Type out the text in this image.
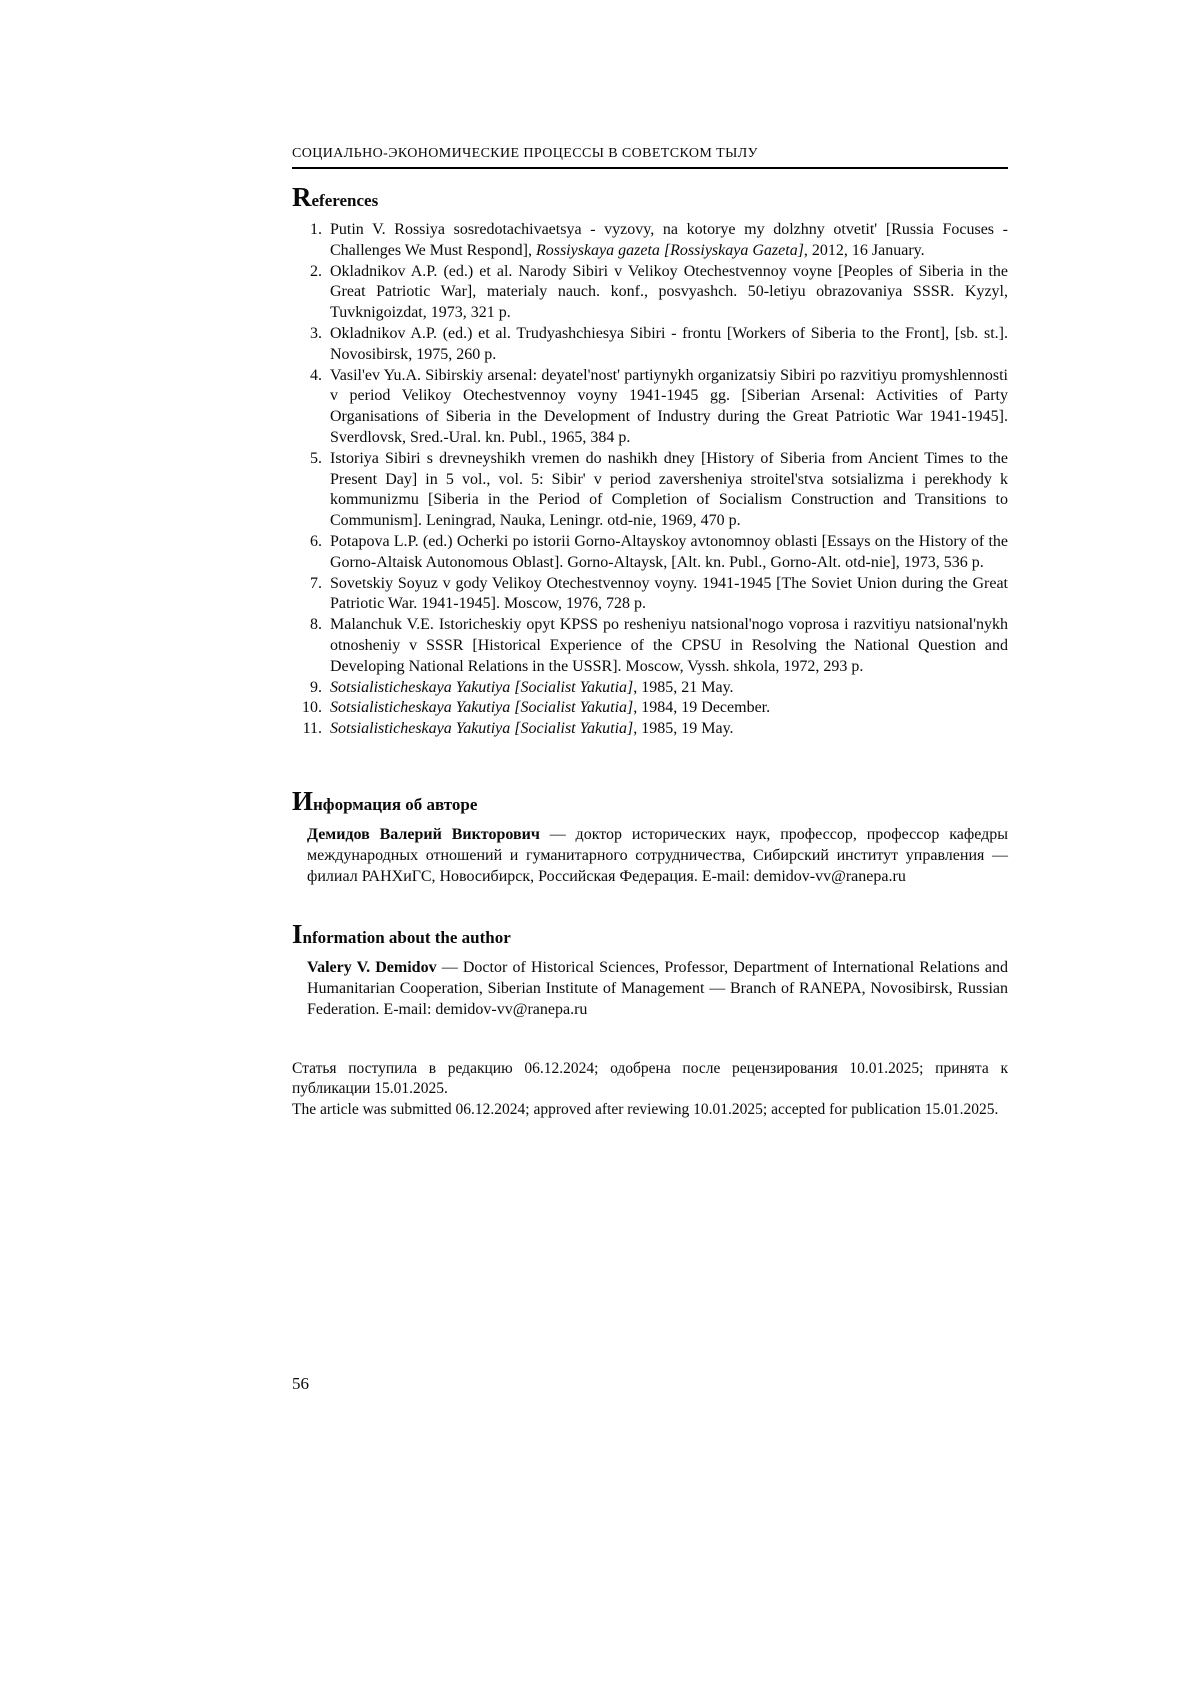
СОЦИАЛЬНО-ЭКОНОМИЧЕСКИЕ ПРОЦЕССЫ В СОВЕТСКОМ ТЫЛУ
References
1. Putin V. Rossiya sosredotachivaetsya - vyzovy, na kotorye my dolzhny otvetit' [Russia Focuses - Challenges We Must Respond], Rossiyskaya gazeta [Rossiyskaya Gazeta], 2012, 16 January.
2. Okladnikov A.P. (ed.) et al. Narody Sibiri v Velikoy Otechestvennoy voyne [Peoples of Siberia in the Great Patriotic War], materialy nauch. konf., posvyashch. 50-letiyu obrazovaniya SSSR. Kyzyl, Tuvknigoizdat, 1973, 321 p.
3. Okladnikov A.P. (ed.) et al. Trudyashchiesya Sibiri - frontu [Workers of Siberia to the Front], [sb. st.]. Novosibirsk, 1975, 260 p.
4. Vasil'ev Yu.A. Sibirskiy arsenal: deyatel'nost' partiynykh organizatsiy Sibiri po razvitiyu promyshlennosti v period Velikoy Otechestvennoy voyny 1941-1945 gg. [Siberian Arsenal: Activities of Party Organisations of Siberia in the Development of Industry during the Great Patriotic War 1941-1945]. Sverdlovsk, Sred.-Ural. kn. Publ., 1965, 384 p.
5. Istoriya Sibiri s drevneyshikh vremen do nashikh dney [History of Siberia from Ancient Times to the Present Day] in 5 vol., vol. 5: Sibir' v period zaversheniya stroitel'stva sotsializma i perekhody k kommunizmu [Siberia in the Period of Completion of Socialism Construction and Transitions to Communism]. Leningrad, Nauka, Leningr. otd-nie, 1969, 470 p.
6. Potapova L.P. (ed.) Ocherki po istorii Gorno-Altayskoy avtonomnoy oblasti [Essays on the History of the Gorno-Altaisk Autonomous Oblast]. Gorno-Altaysk, [Alt. kn. Publ., Gorno-Alt. otd-nie], 1973, 536 p.
7. Sovetskiy Soyuz v gody Velikoy Otechestvennoy voyny. 1941-1945 [The Soviet Union during the Great Patriotic War. 1941-1945]. Moscow, 1976, 728 p.
8. Malanchuk V.E. Istoricheskiy opyt KPSS po resheniyu natsional'nogo voprosa i razvitiyu natsional'nykh otnosheniy v SSSR [Historical Experience of the CPSU in Resolving the National Question and Developing National Relations in the USSR]. Moscow, Vyssh. shkola, 1972, 293 p.
9. Sotsialisticheskaya Yakutiya [Socialist Yakutia], 1985, 21 May.
10. Sotsialisticheskaya Yakutiya [Socialist Yakutia], 1984, 19 December.
11. Sotsialisticheskaya Yakutiya [Socialist Yakutia], 1985, 19 May.
Информация об авторе

Демидов Валерий Викторович — доктор исторических наук, профессор, профессор кафедры международных отношений и гуманитарного сотрудничества, Сибирский институт управления — филиал РАНХиГС, Новосибирск, Российская Федерация. E-mail: demidov-vv@ranepa.ru

Information about the author

Valery V. Demidov — Doctor of Historical Sciences, Professor, Department of International Relations and Humanitarian Cooperation, Siberian Institute of Management — Branch of RANEPA, Novosibirsk, Russian Federation. E-mail: demidov-vv@ranepa.ru

Статья поступила в редакцию 06.12.2024; одобрена после рецензирования 10.01.2025; принята к публикации 15.01.2025.

The article was submitted 06.12.2024; approved after reviewing 10.01.2025; accepted for publication 15.01.2025.

56
